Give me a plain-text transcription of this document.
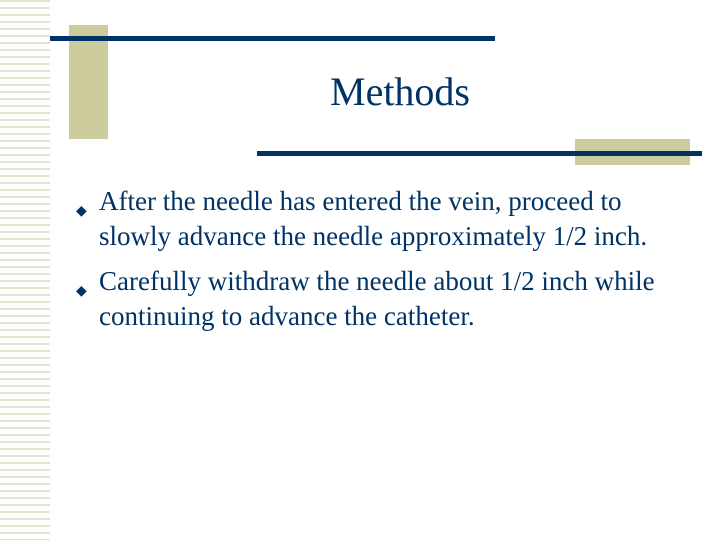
Methods
◆ After the needle has entered the vein, proceed to slowly advance the needle approximately 1/2 inch.
◆ Carefully withdraw the needle about 1/2 inch while continuing to advance the catheter.
